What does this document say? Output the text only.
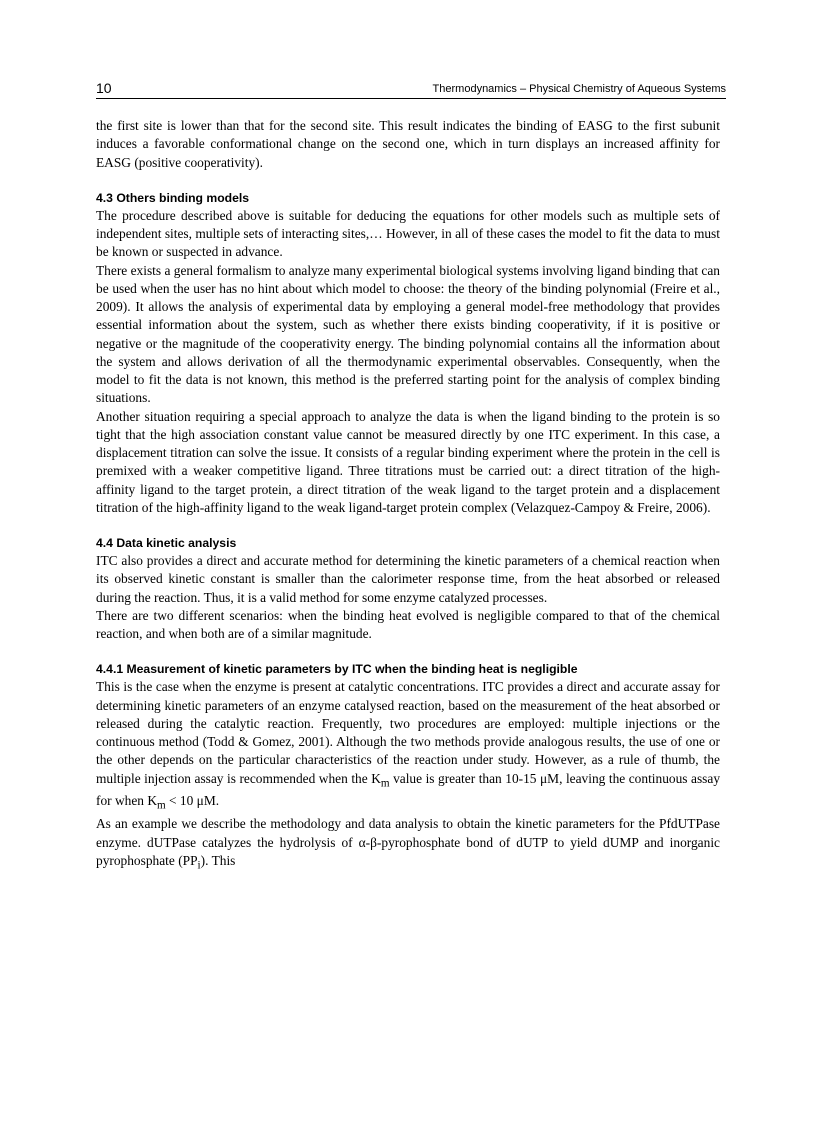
10	Thermodynamics – Physical Chemistry of Aqueous Systems

the first site is lower than that for the second site. This result indicates the binding of EASG to the first subunit induces a favorable conformational change on the second one, which in turn displays an increased affinity for EASG (positive cooperativity).

4.3 Others binding models

The procedure described above is suitable for deducing the equations for other models such as multiple sets of independent sites, multiple sets of interacting sites,… However, in all of these cases the model to fit the data to must be known or suspected in advance.

There exists a general formalism to analyze many experimental biological systems involving ligand binding that can be used when the user has no hint about which model to choose: the theory of the binding polynomial (Freire et al., 2009). It allows the analysis of experimental data by employing a general model-free methodology that provides essential information about the system, such as whether there exists binding cooperativity, if it is positive or negative or the magnitude of the cooperativity energy. The binding polynomial contains all the information about the system and allows derivation of all the thermodynamic experimental observables. Consequently, when the model to fit the data is not known, this method is the preferred starting point for the analysis of complex binding situations.

Another situation requiring a special approach to analyze the data is when the ligand binding to the protein is so tight that the high association constant value cannot be measured directly by one ITC experiment. In this case, a displacement titration can solve the issue. It consists of a regular binding experiment where the protein in the cell is premixed with a weaker competitive ligand. Three titrations must be carried out: a direct titration of the high-affinity ligand to the target protein, a direct titration of the weak ligand to the target protein and a displacement titration of the high-affinity ligand to the weak ligand-target protein complex (Velazquez-Campoy & Freire, 2006).

4.4 Data kinetic analysis

ITC also provides a direct and accurate method for determining the kinetic parameters of a chemical reaction when its observed kinetic constant is smaller than the calorimeter response time, from the heat absorbed or released during the reaction. Thus, it is a valid method for some enzyme catalyzed processes.

There are two different scenarios: when the binding heat evolved is negligible compared to that of the chemical reaction, and when both are of a similar magnitude.

4.4.1 Measurement of kinetic parameters by ITC when the binding heat is negligible

This is the case when the enzyme is present at catalytic concentrations. ITC provides a direct and accurate assay for determining kinetic parameters of an enzyme catalysed reaction, based on the measurement of the heat absorbed or released during the catalytic reaction. Frequently, two procedures are employed: multiple injections or the continuous method (Todd & Gomez, 2001). Although the two methods provide analogous results, the use of one or the other depends on the particular characteristics of the reaction under study. However, as a rule of thumb, the multiple injection assay is recommended when the $K_m$ value is greater than 10-15 μM, leaving the continuous assay for when $K_m < 10$ μM.

As an example we describe the methodology and data analysis to obtain the kinetic parameters for the PfdUTPase enzyme. dUTPase catalyzes the hydrolysis of α-β-pyrophosphate bond of dUTP to yield dUMP and inorganic pyrophosphate $(PP_i)$. This
